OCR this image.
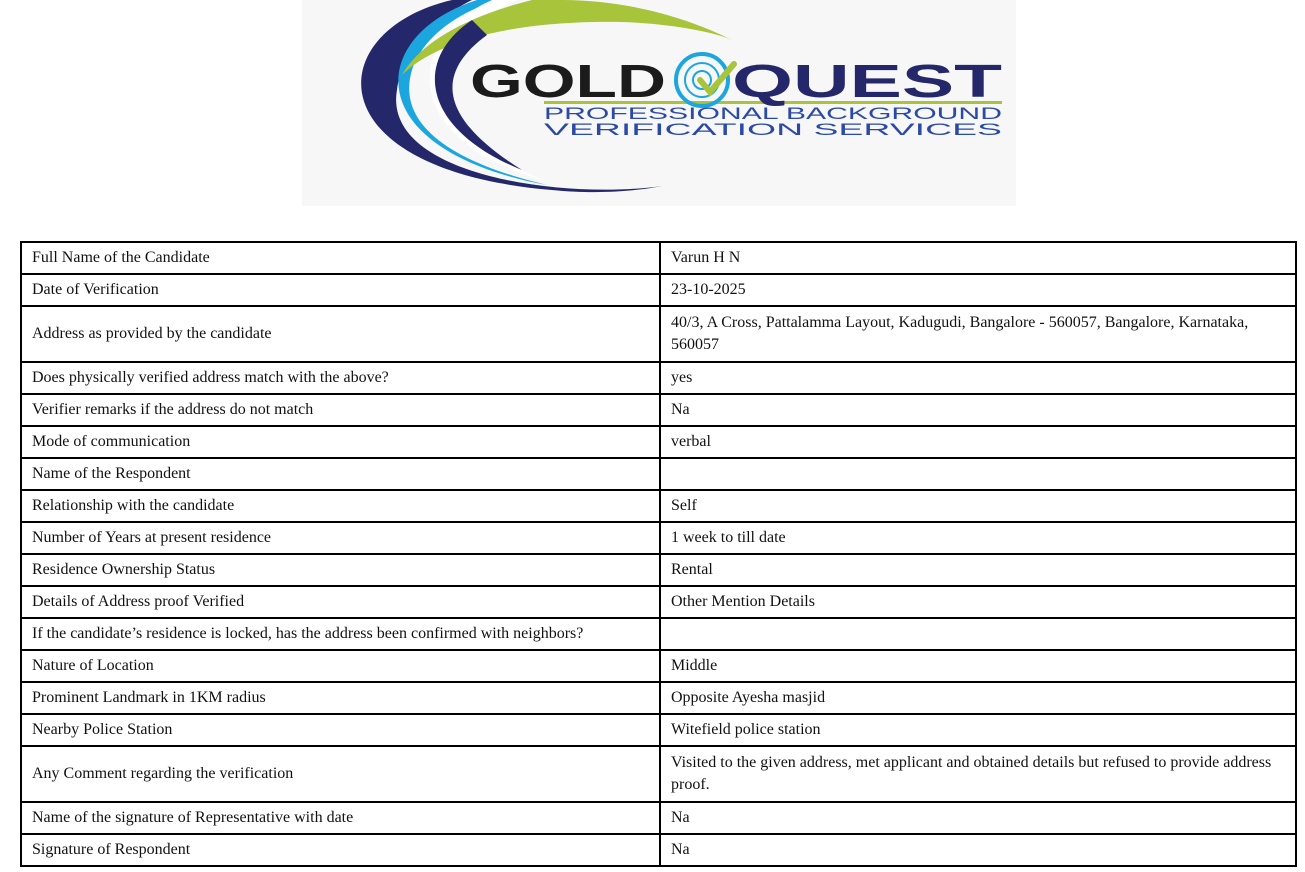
GOLD QUEST
PROFESSIONAL BACKGROUND
VERIFICATION SERVICES
Full Name of the Candidate	Varun H N
Date of Verification	23-10-2025
Address as provided by the candidate	40/3, A Cross, Pattalamma Layout, Kadugudi, Bangalore - 560057, Bangalore, Karnataka, 560057
Does physically verified address match with the above?	yes
Verifier remarks if the address do not match	Na
Mode of communication	verbal
Name of the Respondent	
Relationship with the candidate	Self
Number of Years at present residence	1 week to till date
Residence Ownership Status	Rental
Details of Address proof Verified	Other Mention Details
If the candidate’s residence is locked, has the address been confirmed with neighbors?	
Nature of Location	Middle
Prominent Landmark in 1KM radius	Opposite Ayesha masjid
Nearby Police Station	Witefield police station
Any Comment regarding the verification	Visited to the given address, met applicant and obtained details but refused to provide address proof.
Name of the signature of Representative with date	Na
Signature of Respondent	Na
